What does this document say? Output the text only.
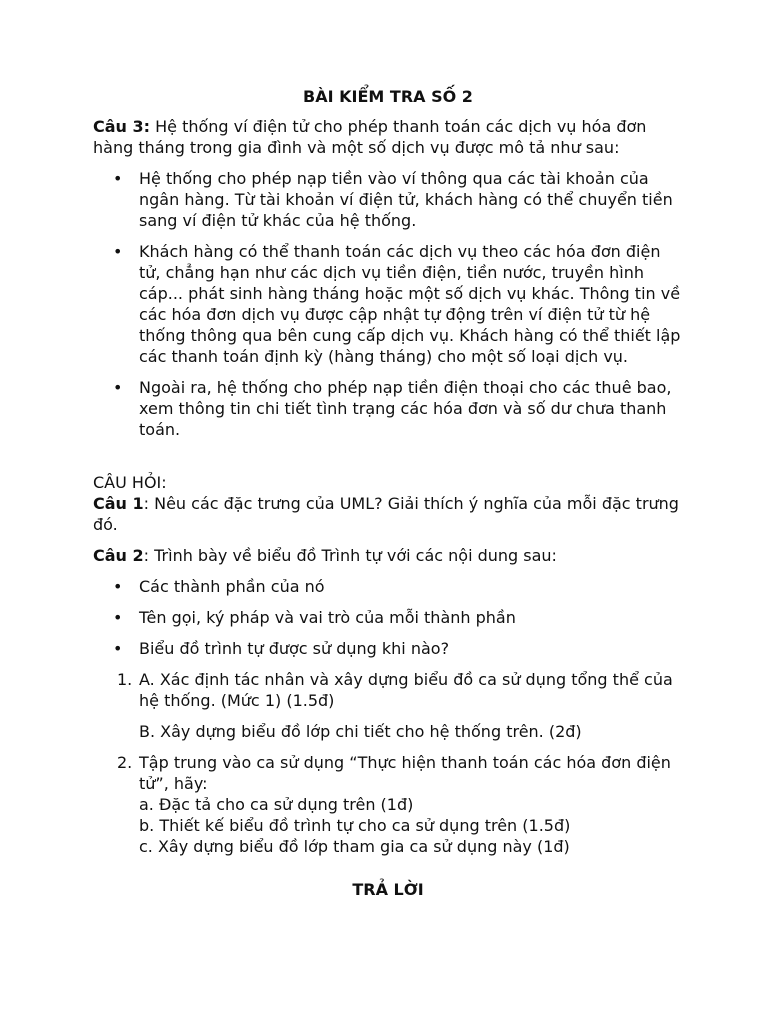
BÀI KIỂM TRA SỐ 2
Câu 3: Hệ thống ví điện tử cho phép thanh toán các dịch vụ hóa đơn hàng tháng trong gia đình và một số dịch vụ được mô tả như sau:
• Hệ thống cho phép nạp tiền vào ví thông qua các tài khoản của ngân hàng. Từ tài khoản ví điện tử, khách hàng có thể chuyển tiền sang ví điện tử khác của hệ thống.
• Khách hàng có thể thanh toán các dịch vụ theo các hóa đơn điện tử, chẳng hạn như các dịch vụ tiền điện, tiền nước, truyền hình cáp... phát sinh hàng tháng hoặc một số dịch vụ khác. Thông tin về các hóa đơn dịch vụ được cập nhật tự động trên ví điện tử từ hệ thống thông qua bên cung cấp dịch vụ. Khách hàng có thể thiết lập các thanh toán định kỳ (hàng tháng) cho một số loại dịch vụ.
• Ngoài ra, hệ thống cho phép nạp tiền điện thoại cho các thuê bao, xem thông tin chi tiết tình trạng các hóa đơn và số dư chưa thanh toán.
CÂU HỎI:
Câu 1: Nêu các đặc trưng của UML? Giải thích ý nghĩa của mỗi đặc trưng đó.
Câu 2: Trình bày về biểu đồ Trình tự với các nội dung sau:
• Các thành phần của nó
• Tên gọi, ký pháp và vai trò của mỗi thành phần
• Biểu đồ trình tự được sử dụng khi nào?
1. A. Xác định tác nhân và xây dựng biểu đồ ca sử dụng tổng thể của hệ thống. (Mức 1) (1.5đ)
B. Xây dựng biểu đồ lớp chi tiết cho hệ thống trên. (2đ)
2. Tập trung vào ca sử dụng “Thực hiện thanh toán các hóa đơn điện tử”, hãy:
a. Đặc tả cho ca sử dụng trên (1đ)
b. Thiết kế biểu đồ trình tự cho ca sử dụng trên (1.5đ)
c. Xây dựng biểu đồ lớp tham gia ca sử dụng này (1đ)
TRẢ LỜI
